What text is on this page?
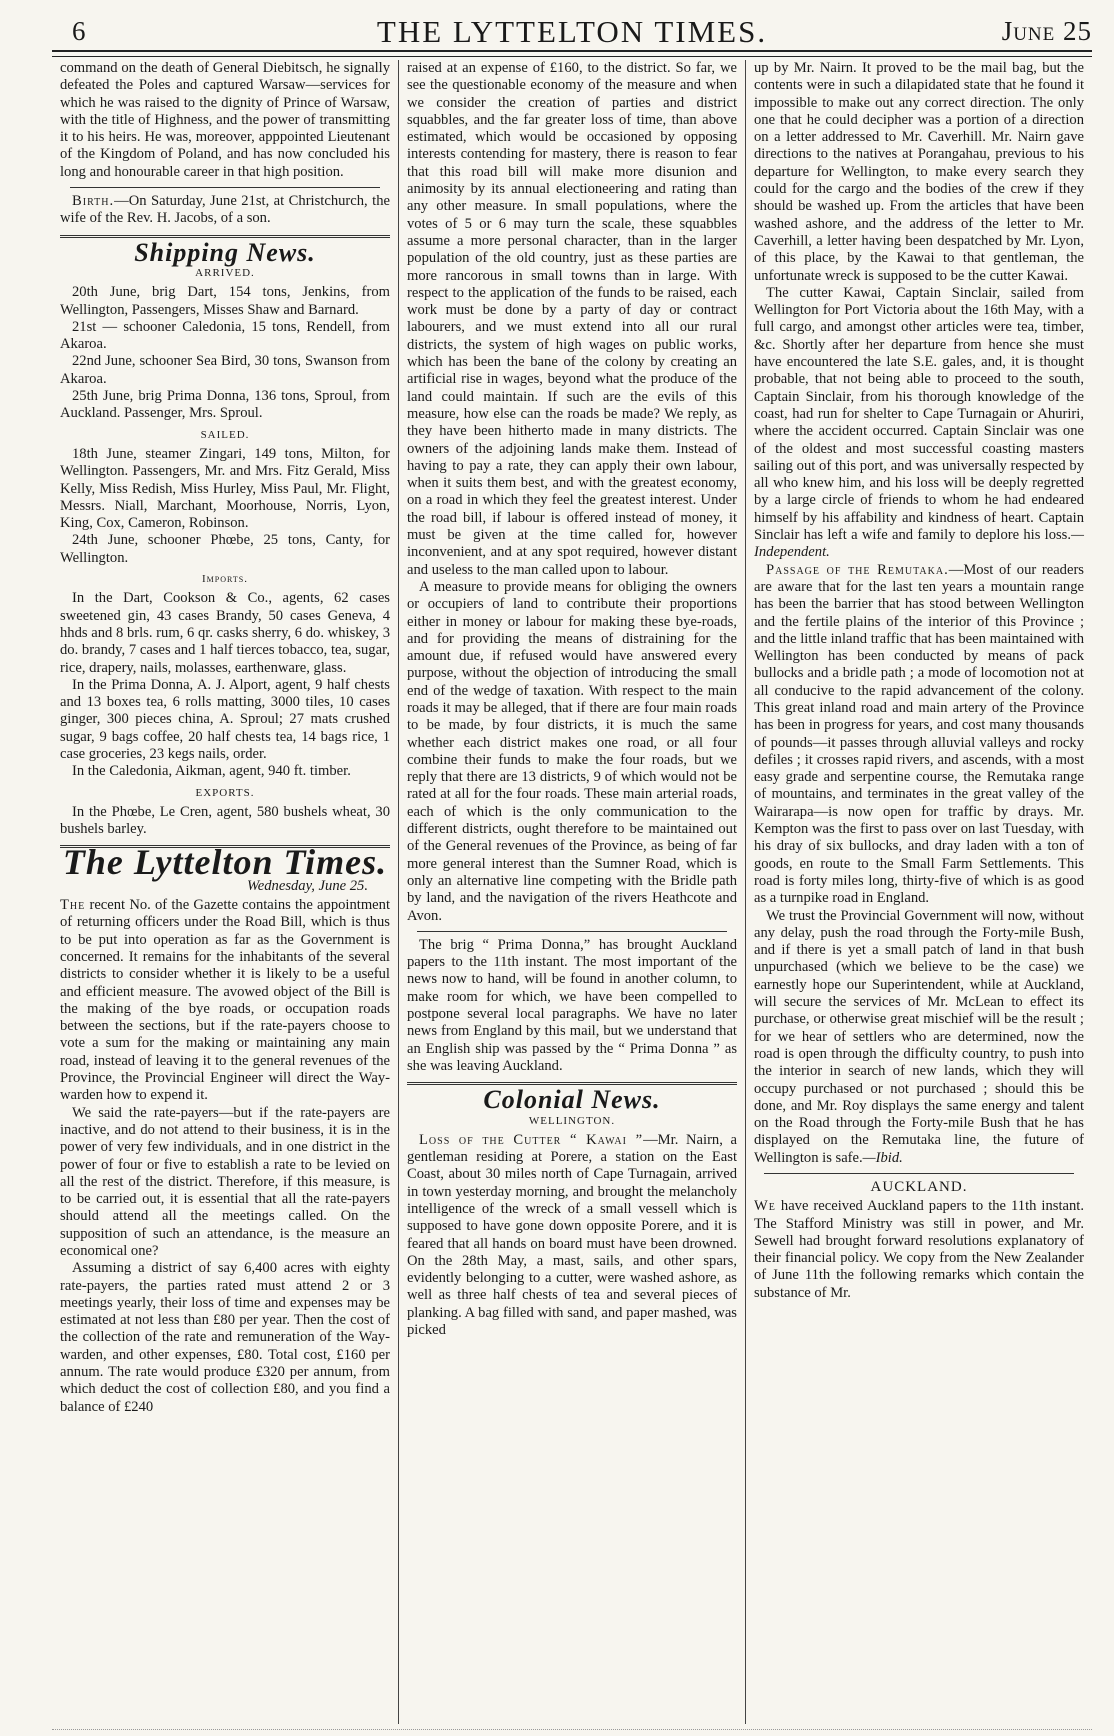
6	THE LYTTELTON TIMES.	June 25

command on the death of General Diebitsch, he signally defeated the Poles and captured Warsaw—services for which he was raised to the dignity of Prince of Warsaw, with the title of Highness, and the power of transmitting it to his heirs. He was, moreover, apppointed Lieutenant of the Kingdom of Poland, and has now concluded his long and honourable career in that high position.

Birth.—On Saturday, June 21st, at Christchurch, the wife of the Rev. H. Jacobs, of a son.

Shipping News.
ARRIVED.

20th June, brig Dart, 154 tons, Jenkins, from Wellington, Passengers, Misses Shaw and Barnard.

21st — schooner Caledonia, 15 tons, Rendell, from Akaroa.

22nd June, schooner Sea Bird, 30 tons, Swanson from Akaroa.

25th June, brig Prima Donna, 136 tons, Sproul, from Auckland. Passenger, Mrs. Sproul.

SAILED.

18th June, steamer Zingari, 149 tons, Milton, for Wellington. Passengers, Mr. and Mrs. Fitz Gerald, Miss Kelly, Miss Redish, Miss Hurley, Miss Paul, Mr. Flight, Messrs. Niall, Marchant, Moorhouse, Norris, Lyon, King, Cox, Cameron, Robinson.

24th June, schooner Phœbe, 25 tons, Canty, for Wellington.

Imports.

In the Dart, Cookson & Co., agents, 62 cases sweetened gin, 43 cases Brandy, 50 cases Geneva, 4 hhds and 8 brls. rum, 6 qr. casks sherry, 6 do. whiskey, 3 do. brandy, 7 cases and 1 half tierces tobacco, tea, sugar, rice, drapery, nails, molasses, earthenware, glass.

In the Prima Donna, A. J. Alport, agent, 9 half chests and 13 boxes tea, 6 rolls matting, 3000 tiles, 10 cases ginger, 300 pieces china, A. Sproul; 27 mats crushed sugar, 9 bags coffee, 20 half chests tea, 14 bags rice, 1 case groceries, 23 kegs nails, order.

In the Caledonia, Aikman, agent, 940 ft. timber.

EXPORTS.

In the Phœbe, Le Cren, agent, 580 bushels wheat, 30 bushels barley.

The Lyttelton Times.
Wednesday, June 25.

The recent No. of the Gazette contains the appointment of returning officers under the Road Bill, which is thus to be put into operation as far as the Government is concerned. It remains for the inhabitants of the several districts to consider whether it is likely to be a useful and efficient measure. The avowed object of the Bill is the making of the bye roads, or occupation roads between the sections, but if the rate-payers choose to vote a sum for the making or maintaining any main road, instead of leaving it to the general revenues of the Province, the Provincial Engineer will direct the Way-warden how to expend it.

We said the rate-payers—but if the rate-payers are inactive, and do not attend to their business, it is in the power of very few individuals, and in one district in the power of four or five to establish a rate to be levied on all the rest of the district. Therefore, if this measure, is to be carried out, it is essential that all the rate-payers should attend all the meetings called. On the supposition of such an attendance, is the measure an economical one?

Assuming a district of say 6,400 acres with eighty rate-payers, the parties rated must attend 2 or 3 meetings yearly, their loss of time and expenses may be estimated at not less than £80 per year. Then the cost of the collection of the rate and remuneration of the Way-warden, and other expenses, £80. Total cost, £160 per annum. The rate would produce £320 per annum, from which deduct the cost of collection £80, and you find a balance of £240

raised at an expense of £160, to the district. So far, we see the questionable economy of the measure and when we consider the creation of parties and district squabbles, and the far greater loss of time, than above estimated, which would be occasioned by opposing interests contending for mastery, there is reason to fear that this road bill will make more disunion and animosity by its annual electioneering and rating than any other measure. In small populations, where the votes of 5 or 6 may turn the scale, these squabbles assume a more personal character, than in the larger population of the old country, just as these parties are more rancorous in small towns than in large. With respect to the application of the funds to be raised, each work must be done by a party of day or contract labourers, and we must extend into all our rural districts, the system of high wages on public works, which has been the bane of the colony by creating an artificial rise in wages, beyond what the produce of the land could maintain. If such are the evils of this measure, how else can the roads be made? We reply, as they have been hitherto made in many districts. The owners of the adjoining lands make them. Instead of having to pay a rate, they can apply their own labour, when it suits them best, and with the greatest economy, on a road in which they feel the greatest interest. Under the road bill, if labour is offered instead of money, it must be given at the time called for, however inconvenient, and at any spot required, however distant and useless to the man called upon to labour.

A measure to provide means for obliging the owners or occupiers of land to contribute their proportions either in money or labour for making these bye-roads, and for providing the means of distraining for the amount due, if refused would have answered every purpose, without the objection of introducing the small end of the wedge of taxation. With respect to the main roads it may be alleged, that if there are four main roads to be made, by four districts, it is much the same whether each district makes one road, or all four combine their funds to make the four roads, but we reply that there are 13 districts, 9 of which would not be rated at all for the four roads. These main arterial roads, each of which is the only communication to the different districts, ought therefore to be maintained out of the General revenues of the Province, as being of far more general interest than the Sumner Road, which is only an alternative line competing with the Bridle path by land, and the navigation of the rivers Heathcote and Avon.

The brig “ Prima Donna,” has brought Auckland papers to the 11th instant. The most important of the news now to hand, will be found in another column, to make room for which, we have been compelled to postpone several local paragraphs. We have no later news from England by this mail, but we understand that an English ship was passed by the “ Prima Donna ” as she was leaving Auckland.

Colonial News.
WELLINGTON.

Loss of the Cutter “ Kawai ”—Mr. Nairn, a gentleman residing at Porere, a station on the East Coast, about 30 miles north of Cape Turnagain, arrived in town yesterday morning, and brought the melancholy intelligence of the wreck of a small vessell which is supposed to have gone down opposite Porere, and it is feared that all hands on board must have been drowned. On the 28th May, a mast, sails, and other spars, evidently belonging to a cutter, were washed ashore, as well as three half chests of tea and several pieces of planking. A bag filled with sand, and paper mashed, was picked

up by Mr. Nairn. It proved to be the mail bag, but the contents were in such a dilapidated state that he found it impossible to make out any correct direction. The only one that he could decipher was a portion of a direction on a letter addressed to Mr. Caverhill. Mr. Nairn gave directions to the natives at Porangahau, previous to his departure for Wellington, to make every search they could for the cargo and the bodies of the crew if they should be washed up. From the articles that have been washed ashore, and the address of the letter to Mr. Caverhill, a letter having been despatched by Mr. Lyon, of this place, by the Kawai to that gentleman, the unfortunate wreck is supposed to be the cutter Kawai.

The cutter Kawai, Captain Sinclair, sailed from Wellington for Port Victoria about the 16th May, with a full cargo, and amongst other articles were tea, timber, &c. Shortly after her departure from hence she must have encountered the late S.E. gales, and, it is thought probable, that not being able to proceed to the south, Captain Sinclair, from his thorough knowledge of the coast, had run for shelter to Cape Turnagain or Ahuriri, where the accident occurred. Captain Sinclair was one of the oldest and most successful coasting masters sailing out of this port, and was universally respected by all who knew him, and his loss will be deeply regretted by a large circle of friends to whom he had endeared himself by his affability and kindness of heart. Captain Sinclair has left a wife and family to deplore his loss.—Independent.

Passage of the Remutaka.—Most of our readers are aware that for the last ten years a mountain range has been the barrier that has stood between Wellington and the fertile plains of the interior of this Province ; and the little inland traffic that has been maintained with Wellington has been conducted by means of pack bullocks and a bridle path ; a mode of locomotion not at all conducive to the rapid advancement of the colony. This great inland road and main artery of the Province has been in progress for years, and cost many thousands of pounds—it passes through alluvial valleys and rocky defiles ; it crosses rapid rivers, and ascends, with a most easy grade and serpentine course, the Remutaka range of mountains, and terminates in the great valley of the Wairarapa—is now open for traffic by drays. Mr. Kempton was the first to pass over on last Tuesday, with his dray of six bullocks, and dray laden with a ton of goods, en route to the Small Farm Settlements. This road is forty miles long, thirty-five of which is as good as a turnpike road in England.

We trust the Provincial Government will now, without any delay, push the road through the Forty-mile Bush, and if there is yet a small patch of land in that bush unpurchased (which we believe to be the case) we earnestly hope our Superintendent, while at Auckland, will secure the services of Mr. McLean to effect its purchase, or otherwise great mischief will be the result ; for we hear of settlers who are determined, now the road is open through the difficulty country, to push into the interior in search of new lands, which they will occupy purchased or not purchased ; should this be done, and Mr. Roy displays the same energy and talent on the Road through the Forty-mile Bush that he has displayed on the Remutaka line, the future of Wellington is safe.—Ibid.

AUCKLAND.

We have received Auckland papers to the 11th instant. The Stafford Ministry was still in power, and Mr. Sewell had brought forward resolutions explanatory of their financial policy. We copy from the New Zealander of June 11th the following remarks which contain the substance of Mr.
